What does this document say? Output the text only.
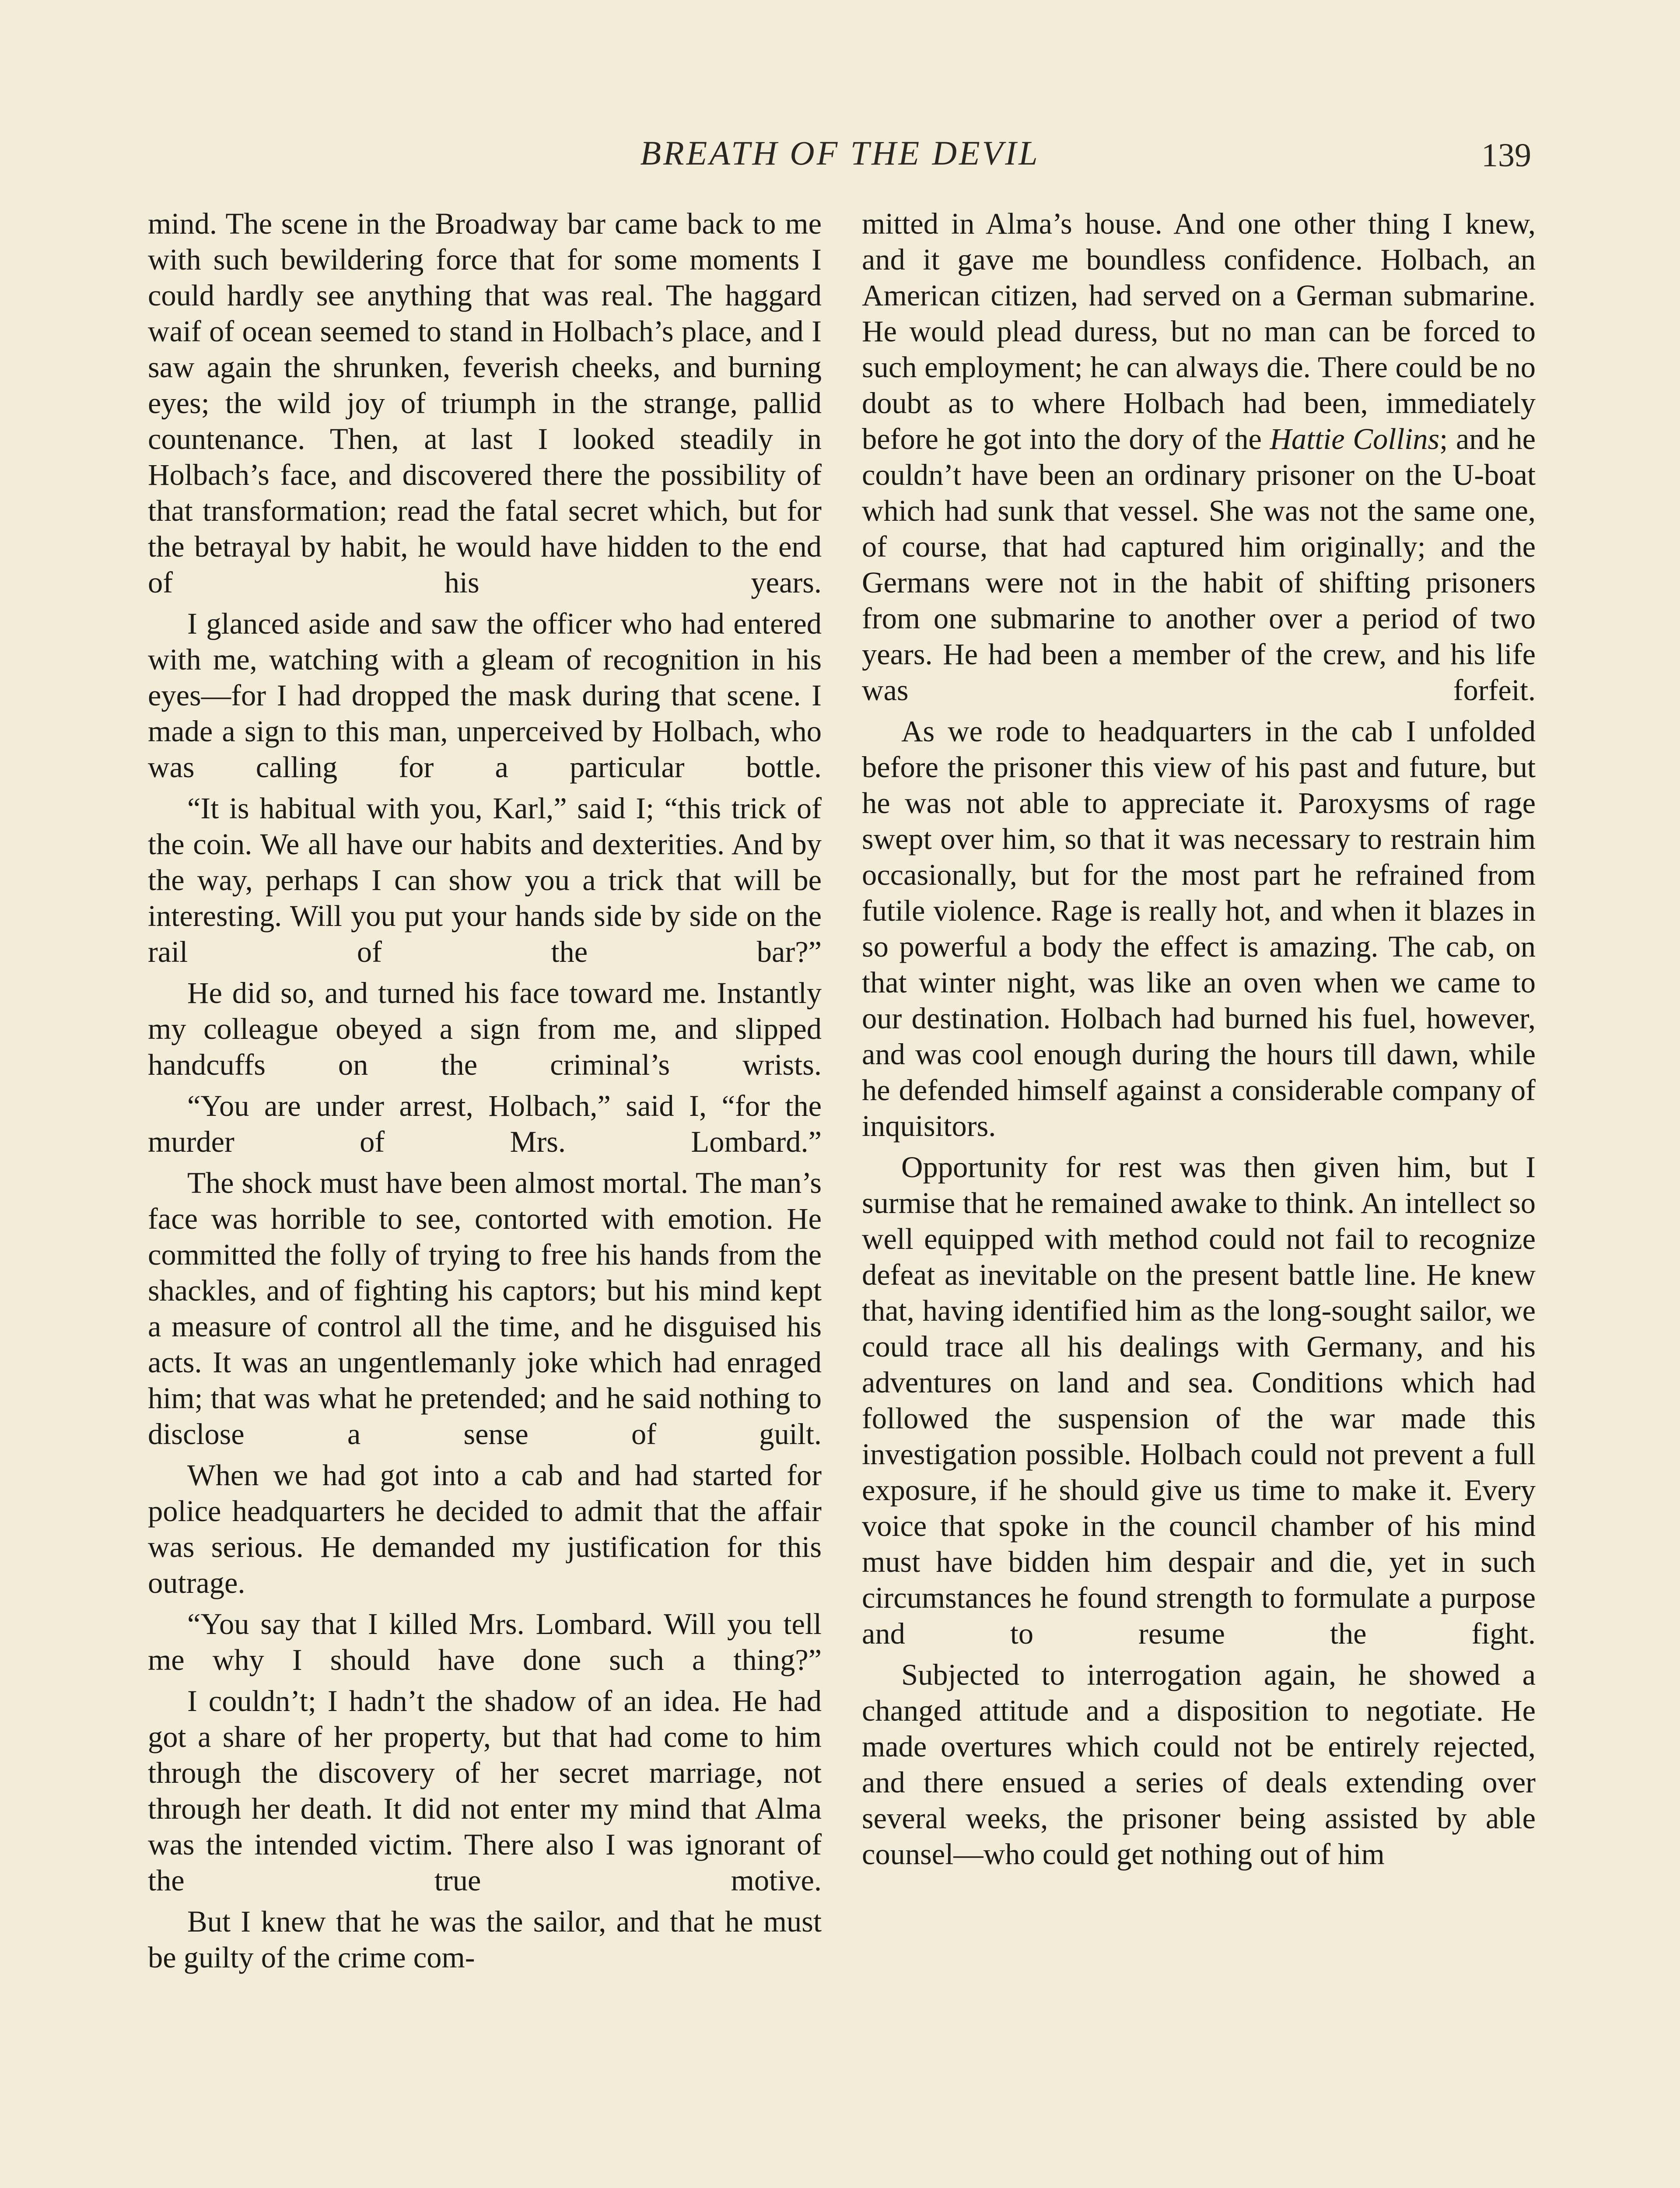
BREATH OF THE DEVIL	139

mind. The scene in the Broadway bar came back to me with such bewildering force that for some moments I could hardly see anything that was real. The haggard waif of ocean seemed to stand in Holbach’s place, and I saw again the shrunken, feverish cheeks, and burning eyes; the wild joy of triumph in the strange, pallid countenance. Then, at last I looked steadily in Holbach’s face, and discovered there the possibility of that transformation; read the fatal secret which, but for the betrayal by habit, he would have hidden to the end of his years.

I glanced aside and saw the officer who had entered with me, watching with a gleam of recognition in his eyes—for I had dropped the mask during that scene. I made a sign to this man, unperceived by Holbach, who was calling for a particular bottle.

“It is habitual with you, Karl,” said I; “this trick of the coin. We all have our habits and dexterities. And by the way, perhaps I can show you a trick that will be interesting. Will you put your hands side by side on the rail of the bar?”

He did so, and turned his face toward me. Instantly my colleague obeyed a sign from me, and slipped handcuffs on the criminal’s wrists.

“You are under arrest, Holbach,” said I, “for the murder of Mrs. Lombard.”

The shock must have been almost mortal. The man’s face was horrible to see, contorted with emotion. He committed the folly of trying to free his hands from the shackles, and of fighting his captors; but his mind kept a measure of control all the time, and he disguised his acts. It was an ungentlemanly joke which had enraged him; that was what he pretended; and he said nothing to disclose a sense of guilt.

When we had got into a cab and had started for police headquarters he decided to admit that the affair was serious. He demanded my justification for this outrage.

“You say that I killed Mrs. Lombard. Will you tell me why I should have done such a thing?”

I couldn’t; I hadn’t the shadow of an idea. He had got a share of her property, but that had come to him through the discovery of her secret marriage, not through her death. It did not enter my mind that Alma was the intended victim. There also I was ignorant of the true motive.

But I knew that he was the sailor, and that he must be guilty of the crime com-

mitted in Alma’s house. And one other thing I knew, and it gave me boundless confidence. Holbach, an American citizen, had served on a German submarine. He would plead duress, but no man can be forced to such employment; he can always die. There could be no doubt as to where Holbach had been, immediately before he got into the dory of the Hattie Collins; and he couldn’t have been an ordinary prisoner on the U-boat which had sunk that vessel. She was not the same one, of course, that had captured him originally; and the Germans were not in the habit of shifting prisoners from one submarine to another over a period of two years. He had been a member of the crew, and his life was forfeit.

As we rode to headquarters in the cab I unfolded before the prisoner this view of his past and future, but he was not able to appreciate it. Paroxysms of rage swept over him, so that it was necessary to restrain him occasionally, but for the most part he refrained from futile violence. Rage is really hot, and when it blazes in so powerful a body the effect is amazing. The cab, on that winter night, was like an oven when we came to our destination. Holbach had burned his fuel, however, and was cool enough during the hours till dawn, while he defended himself against a considerable company of inquisitors.

Opportunity for rest was then given him, but I surmise that he remained awake to think. An intellect so well equipped with method could not fail to recognize defeat as inevitable on the present battle line. He knew that, having identified him as the long-sought sailor, we could trace all his dealings with Germany, and his adventures on land and sea. Conditions which had followed the suspension of the war made this investigation possible. Holbach could not prevent a full exposure, if he should give us time to make it. Every voice that spoke in the council chamber of his mind must have bidden him despair and die, yet in such circumstances he found strength to formulate a purpose and to resume the fight.

Subjected to interrogation again, he showed a changed attitude and a disposition to negotiate. He made overtures which could not be entirely rejected, and there ensued a series of deals extending over several weeks, the prisoner being assisted by able counsel—who could get nothing out of him
